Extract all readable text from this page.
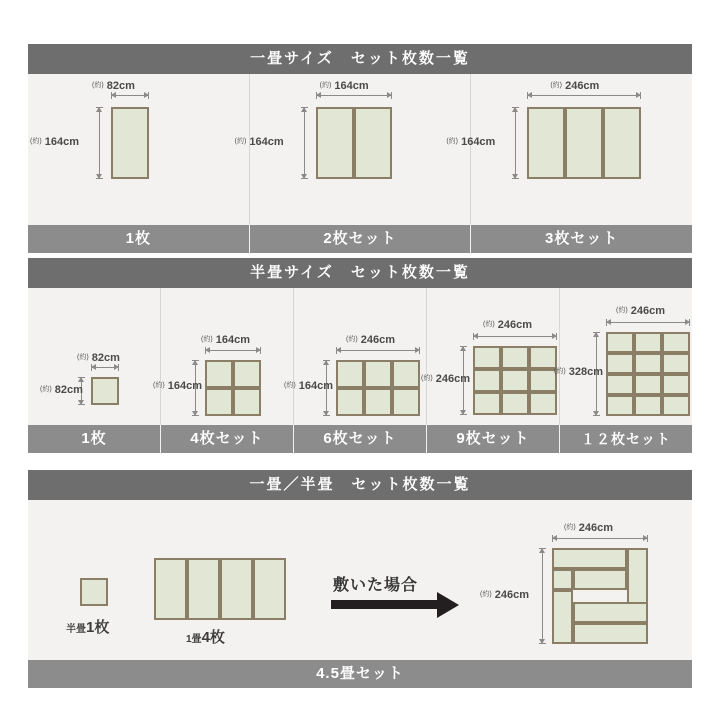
一畳サイズ　セット枚数一覧
(約) 82cm
(約) 164cm
(約) 164cm
(約) 164cm
(約) 246cm
(約) 164cm
1枚	2枚セット	3枚セット
半畳サイズ　セット枚数一覧
(約) 82cm
(約) 82cm
(約) 164cm
(約) 164cm
(約) 246cm
(約) 164cm
(約) 246cm
(約) 246cm
(約) 246cm
(約) 328cm
1枚	4枚セット	6枚セット	9枚セット	１２枚セット
一畳／半畳　セット枚数一覧
半畳1枚
1畳4枚
敷いた場合
(約) 246cm
(約) 246cm
4.5畳セット
